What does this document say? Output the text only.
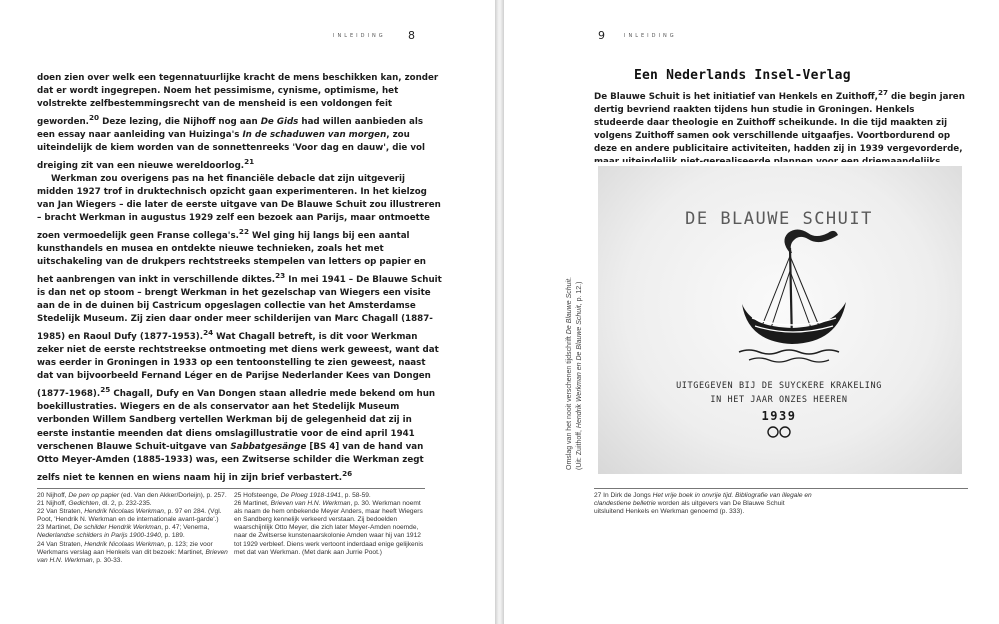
INLEIDING 8

doen zien over welk een tegennatuurlijke kracht de mens beschikken kan, zonder dat er wordt ingegrepen. Noem het pessimisme, cynisme, optimisme, het volstrekte zelfbestemmingsrecht van de mensheid is een voldongen feit geworden.$^{20}$ Deze lezing, die Nijhoff nog aan De Gids had willen aanbieden als een essay naar aanleiding van Huizinga's In de schaduwen van morgen, zou uiteindelijk de kiem worden van de sonnettenreeks 'Voor dag en dauw', die vol dreiging zit van een nieuwe wereldoorlog.$^{21}$

Werkman zou overigens pas na het financiële debacle dat zijn uitgeverij midden 1927 trof in druktechnisch opzicht gaan experimenteren. In het kielzog van Jan Wiegers – die later de eerste uitgave van De Blauwe Schuit zou illustreren – bracht Werkman in augustus 1929 zelf een bezoek aan Parijs, maar ontmoette zoen vermoedelijk geen Franse collega's.$^{22}$ Wel ging hij langs bij een aantal kunsthandels en musea en ontdekte nieuwe technieken, zoals het met uitschakeling van de drukpers rechtstreeks stempelen van letters op papier en het aanbrengen van inkt in verschillende diktes.$^{23}$ In mei 1941 – De Blauwe Schuit is dan net op stoom – brengt Werkman in het gezelschap van Wiegers een visite aan de in de duinen bij Castricum opgeslagen collectie van het Amsterdamse Stedelijk Museum. Zij zien daar onder meer schilderijen van Marc Chagall (1887-1985) en Raoul Dufy (1877-1953).$^{24}$ Wat Chagall betreft, is dit voor Werkman zeker niet de eerste rechtstreekse ontmoeting met diens werk geweest, want dat was eerder in Groningen in 1933 op een tentoonstelling te zien geweest, naast dat van bijvoorbeeld Fernand Léger en de Parijse Nederlander Kees van Dongen (1877-1968).$^{25}$ Chagall, Dufy en Van Dongen staan alledrie mede bekend om hun boekillustraties. Wiegers en de als conservator aan het Stedelijk Museum verbonden Willem Sandberg vertellen Werkman bij de gelegenheid dat zij in eerste instantie meenden dat diens omslagillustratie voor de eind april 1941 verschenen Blauwe Schuit-uitgave van Sabbatgesänge [BS 4] van de hand van Otto Meyer-Amden (1885-1933) was, een Zwitserse schilder die Werkman zegt zelfs niet te kennen en wiens naam hij in zijn brief verbastert.$^{26}$

20 Nijhoff, De pen op papier (ed. Van den Akker/Dorleijn), p. 257.

21 Nijhoff, Gedichten, dl. 2, p. 232-235.

22 Van Straten, Hendrik Nicolaas Werkman, p. 97 en 284. (Vgl. Poot, 'Hendrik N. Werkman en de internationale avant-garde'.)

23 Martinet, De schilder Hendrik Werkman, p. 47; Venema, Nederlandse schilders in Parijs 1900-1940, p. 189.

24 Van Straten, Hendrik Nicolaas Werkman, p. 123; zie voor Werkmans verslag aan Henkels van dit bezoek: Martinet, Brieven van H.N. Werkman, p. 30-33.

25 Hofsteenge, De Ploeg 1918-1941, p. 58-59.

26 Martinet, Brieven van H.N. Werkman, p. 30. Werkman noemt als naam de hem onbekende Meyer Anders, maar heeft Wiegers en Sandberg kennelijk verkeerd verstaan. Zij bedoelden waarschijnlijk Otto Meyer, die zich later Meyer-Amden noemde, naar de Zwitserse kunstenaarskolonie Amden waar hij van 1912 tot 1929 verbleef. Diens werk vertoont inderdaad enige gelijkenis met dat van Werkman. (Met dank aan Jurrie Poot.)

9	INLEIDING
Een Nederlands Insel-Verlag

De Blauwe Schuit is het initiatief van Henkels en Zuithoff,$^{27}$ die begin jaren dertig bevriend raakten tijdens hun studie in Groningen. Henkels studeerde daar theologie en Zuithoff scheikunde. In die tijd maakten zij volgens Zuithoff samen ook verschillende uitgaafjes. Voortbordurend op deze en andere publicitaire activiteiten, hadden zij in 1939 vergevorderde,

Omslag van het nooit verschenen tijdschrift De Blauwe Schuit.
(Uit: Zuithoff, Hendrik Werkman en De Blauwe Schuit, p. 12.)
DE BLAUWE SCHUIT
UITGEGEVEN BIJ DE SUYCKERE KRAKELING
IN HET JAAR ONZES HEEREN
1939

27 In Dirk de Jongs Het vrije boek in onvrije tijd. Bibliografie van illegale en clandestiene belletrie worden als uitgevers van De Blauwe Schuit uitsluitend Henkels en Werkman genoemd (p. 333).
